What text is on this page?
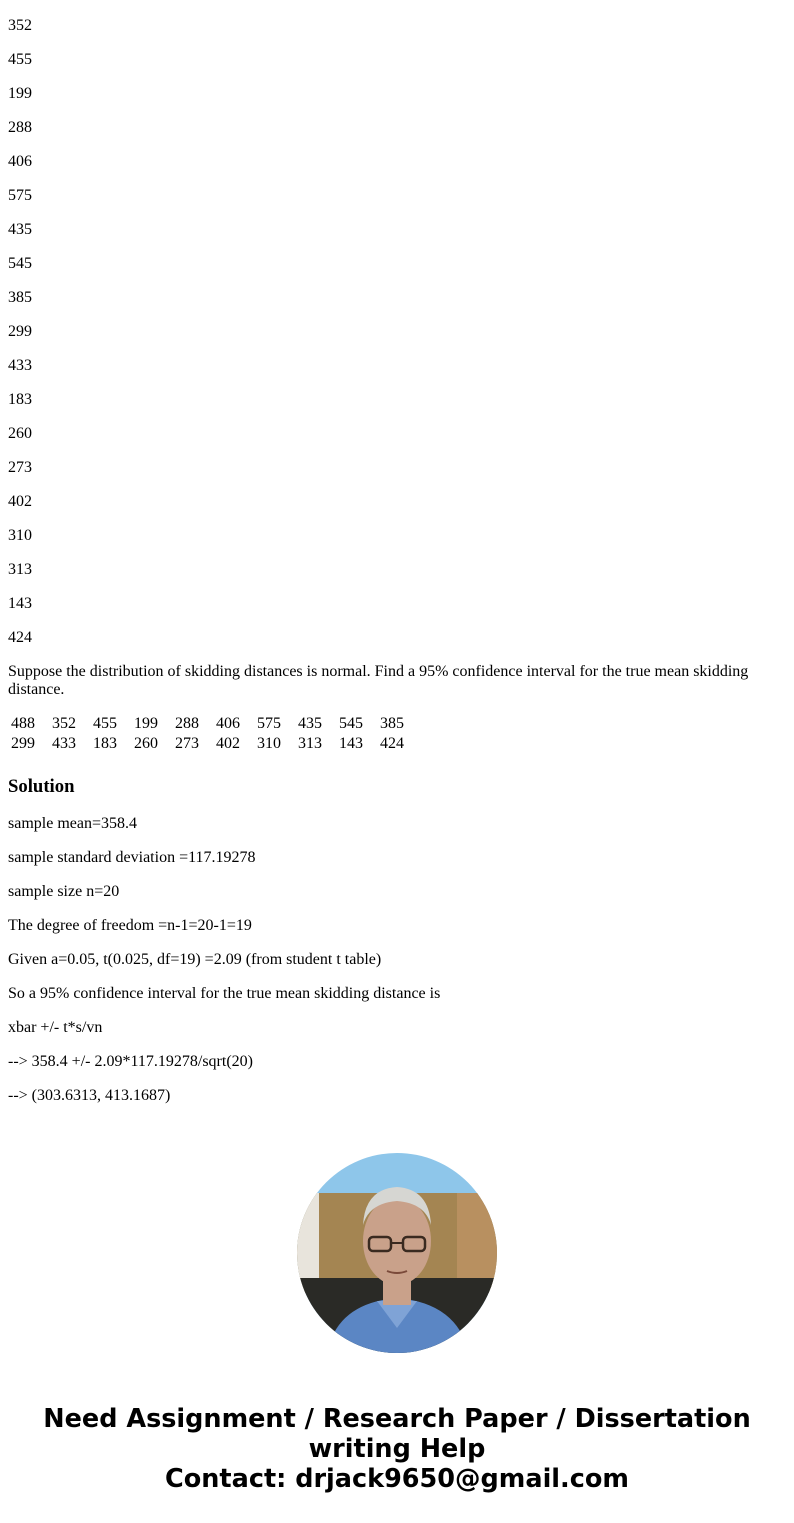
352

455

199

288

406

575

435

545

385

299

433

183

260

273

402

310

313

143

424

Suppose the distribution of skidding distances is normal. Find a 95% confidence interval for the true mean skidding distance.

488	352	455	199	288	406	575	435	545	385
299	433	183	260	273	402	310	313	143	424
Solution

sample mean=358.4

sample standard deviation =117.19278

sample size n=20

The degree of freedom =n-1=20-1=19

Given a=0.05, t(0.025, df=19) =2.09 (from student t table)

So a 95% confidence interval for the true mean skidding distance is

xbar +/- t*s/vn

--> 358.4 +/- 2.09*117.19278/sqrt(20)

--> (303.6313, 413.1687)

Need Assignment / Research Paper / Dissertation
writing Help
Contact: drjack9650@gmail.com
